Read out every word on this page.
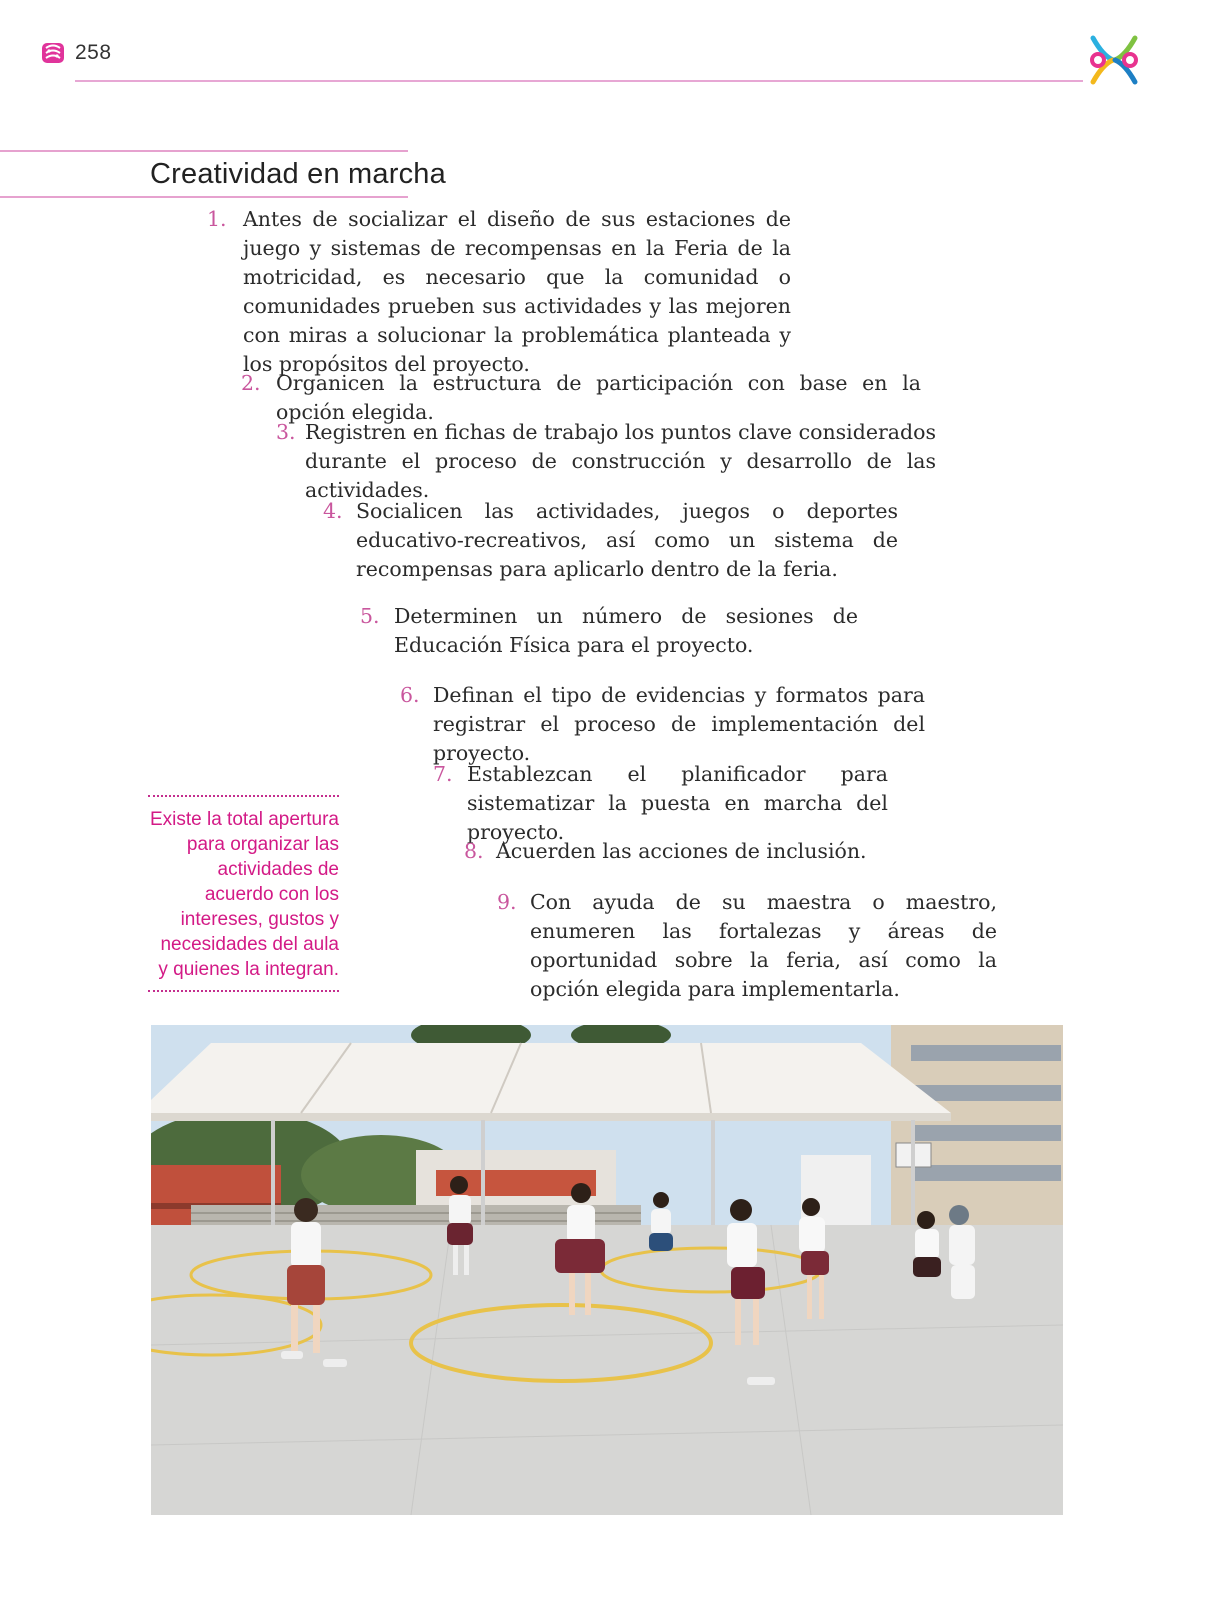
258
Creatividad en marcha
1. Antes de socializar el diseño de sus estaciones de juego y sistemas de recompensas en la Feria de la motricidad, es necesario que la comunidad o comunidades prueben sus actividades y las mejoren con miras a solucionar la problemática planteada y los propósitos del proyecto.
2. Organicen la estructura de participación con base en la opción elegida.
3. Registren en fichas de trabajo los puntos clave considerados durante el proceso de construcción y desarrollo de las actividades.
4. Socialicen las actividades, juegos o deportes educativo-recreativos, así como un sistema de recompensas para aplicarlo dentro de la feria.
5. Determinen un número de sesiones de Educación Física para el proyecto.
6. Definan el tipo de evidencias y formatos para registrar el proceso de implementación del proyecto.
7. Establezcan el planificador para sistematizar la puesta en marcha del proyecto.
8. Acuerden las acciones de inclusión.
9. Con ayuda de su maestra o maestro, enumeren las fortalezas y áreas de oportunidad sobre la feria, así como la opción elegida para implementarla.
Existe la total apertura para organizar las actividades de acuerdo con los intereses, gustos y necesidades del aula y quienes la integran.
